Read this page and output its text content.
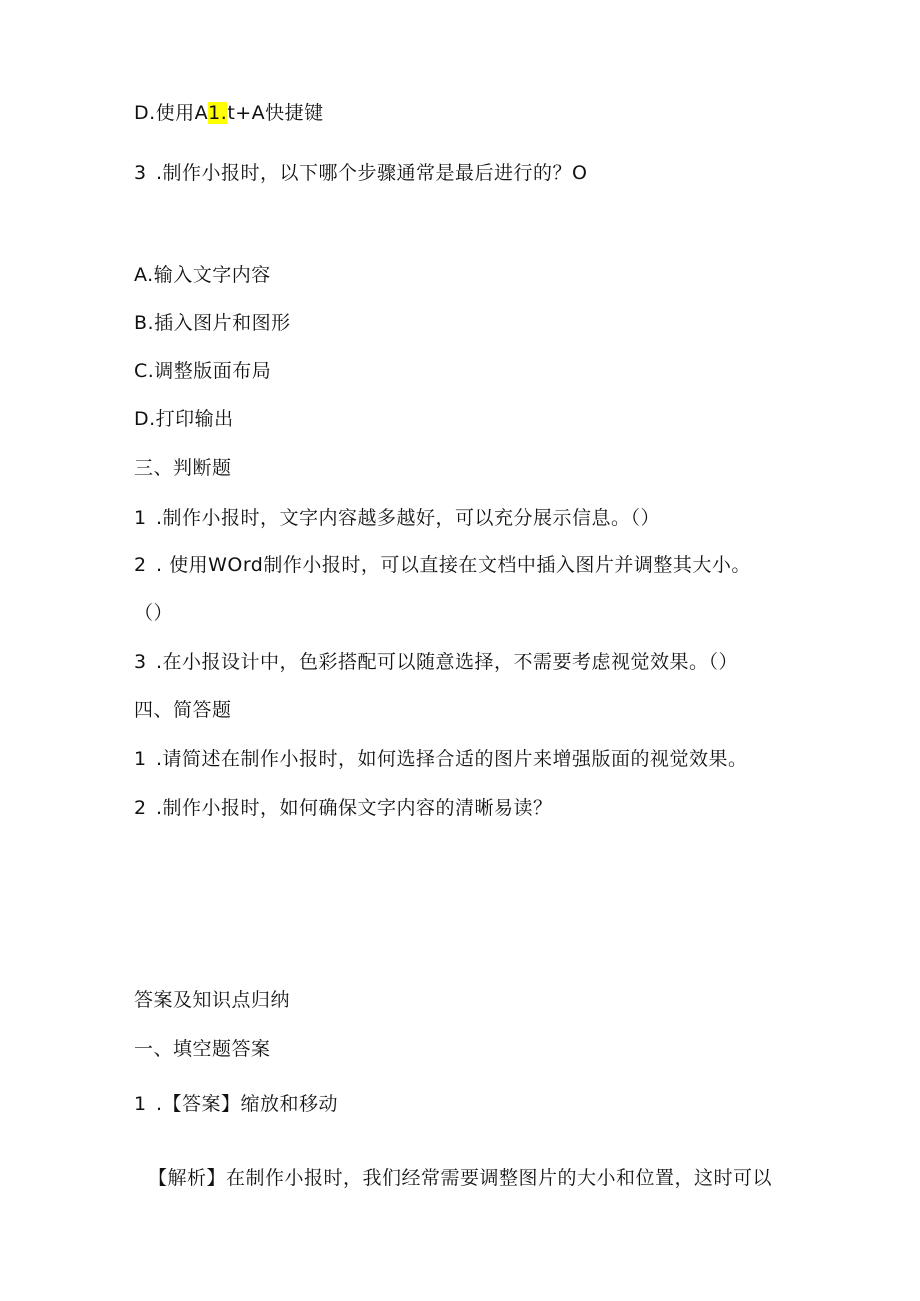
D.使用A1.t+A快捷键
3 .制作小报时，以下哪个步骤通常是最后进行的？O
A.输入文字内容
B.插入图片和图形
C.调整版面布局
D.打印输出
三、判断题
1 .制作小报时，文字内容越多越好，可以充分展示信息。（）
2 . 使用WOrd制作小报时，可以直接在文档中插入图片并调整其大小。
（）
3 .在小报设计中，色彩搭配可以随意选择，不需要考虑视觉效果。（）
四、简答题
1 .请简述在制作小报时，如何选择合适的图片来增强版面的视觉效果。
2 .制作小报时，如何确保文字内容的清晰易读？
答案及知识点归纳
一、填空题答案
1 .【答案】缩放和移动
【解析】在制作小报时，我们经常需要调整图片的大小和位置，这时可以
